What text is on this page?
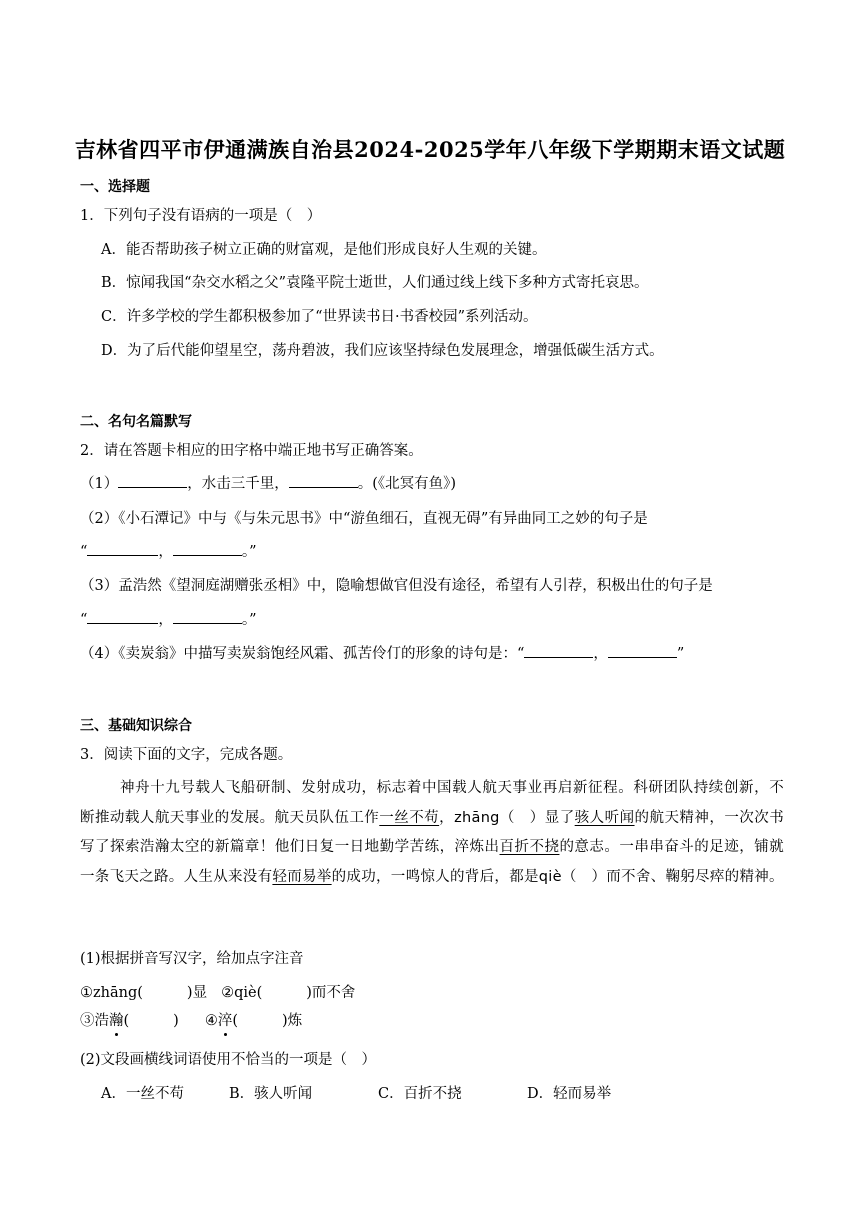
吉林省四平市伊通满族自治县2024-2025学年八年级下学期期末语文试题
一、选择题
1．下列句子没有语病的一项是（　）
A．能否帮助孩子树立正确的财富观，是他们形成良好人生观的关键。
B．惊闻我国“杂交水稻之父”袁隆平院士逝世，人们通过线上线下多种方式寄托哀思。
C．许多学校的学生都积极参加了“世界读书日·书香校园”系列活动。
D．为了后代能仰望星空，荡舟碧波，我们应该坚持绿色发展理念，增强低碳生活方式。
二、名句名篇默写
2．请在答题卡相应的田字格中端正地书写正确答案。
（1）	，水击三千里，	。(《北冥有鱼》)
（2）《小石潭记》中与《与朱元思书》中“游鱼细石，直视无碍”有异曲同工之妙的句子是
“	，	。”
（3）孟浩然《望洞庭湖赠张丞相》中，隐喻想做官但没有途径，希望有人引荐，积极出仕的句子是
“	，	。”
（4）《卖炭翁》中描写卖炭翁饱经风霜、孤苦伶仃的形象的诗句是：“	，	”
三、基础知识综合
3．阅读下面的文字，完成各题。
神舟十九号载人飞船研制、发射成功，标志着中国载人航天事业再启新征程。科研团队持续创新，不断推动载人航天事业的发展。航天员队伍工作一丝不苟，zhāng（　）显了骇人听闻的航天精神，一次次书写了探索浩瀚太空的新篇章！他们日复一日地勤学苦练，淬炼出百折不挠的意志。一串串奋斗的足迹，铺就一条飞天之路。人生从来没有轻而易举的成功，一鸣惊人的背后，都是qiè（　）而不舍、鞠躬尽瘁的精神。
(1)根据拼音写汉字，给加点字注音
①zhāng(	)显 ②qiè(	)而不舍
③浩瀚(	) ④淬(	)炼
(2)文段画横线词语使用不恰当的一项是（　）
A．一丝不苟	B．骇人听闻	C．百折不挠	D．轻而易举
